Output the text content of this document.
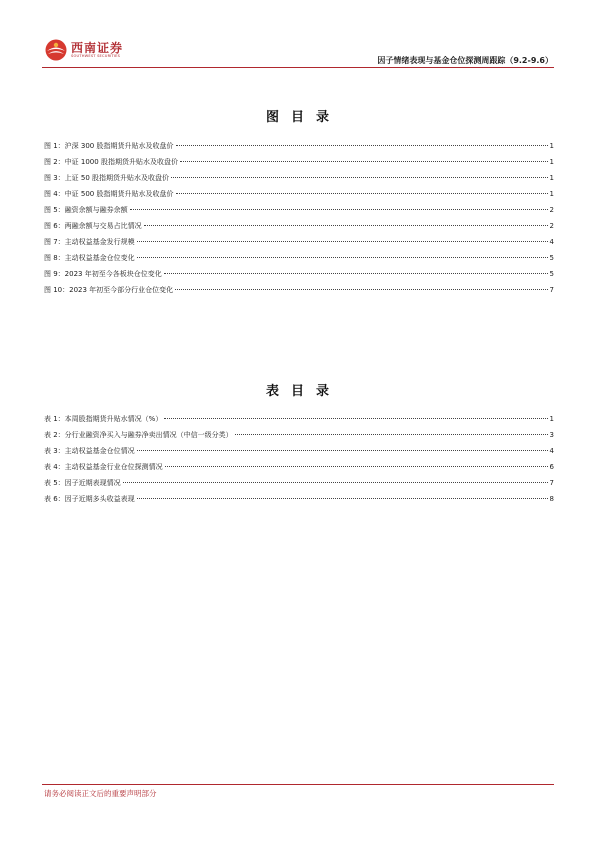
西南证券
SOUTHWEST SECURITIES	因子情绪表现与基金仓位探测周跟踪（9.2-9.6）
图目录
图 1：沪深 300 股指期货升贴水及收盘价	1
图 2：中证 1000 股指期货升贴水及收盘价	1
图 3：上证 50 股指期货升贴水及收盘价	1
图 4：中证 500 股指期货升贴水及收盘价	1
图 5：融资余额与融券余额	2
图 6：两融余额与交易占比情况	2
图 7：主动权益基金发行规模	4
图 8：主动权益基金仓位变化	5
图 9：2023 年初至今各板块仓位变化	5
图 10：2023 年初至今部分行业仓位变化	7
表目录
表 1：本周股指期货升贴水情况（%）	1
表 2：分行业融资净买入与融券净卖出情况（中信一级分类）	3
表 3：主动权益基金仓位情况	4
表 4：主动权益基金行业仓位探测情况	6
表 5：因子近期表现情况	7
表 6：因子近期多头收益表现	8
请务必阅读正文后的重要声明部分
